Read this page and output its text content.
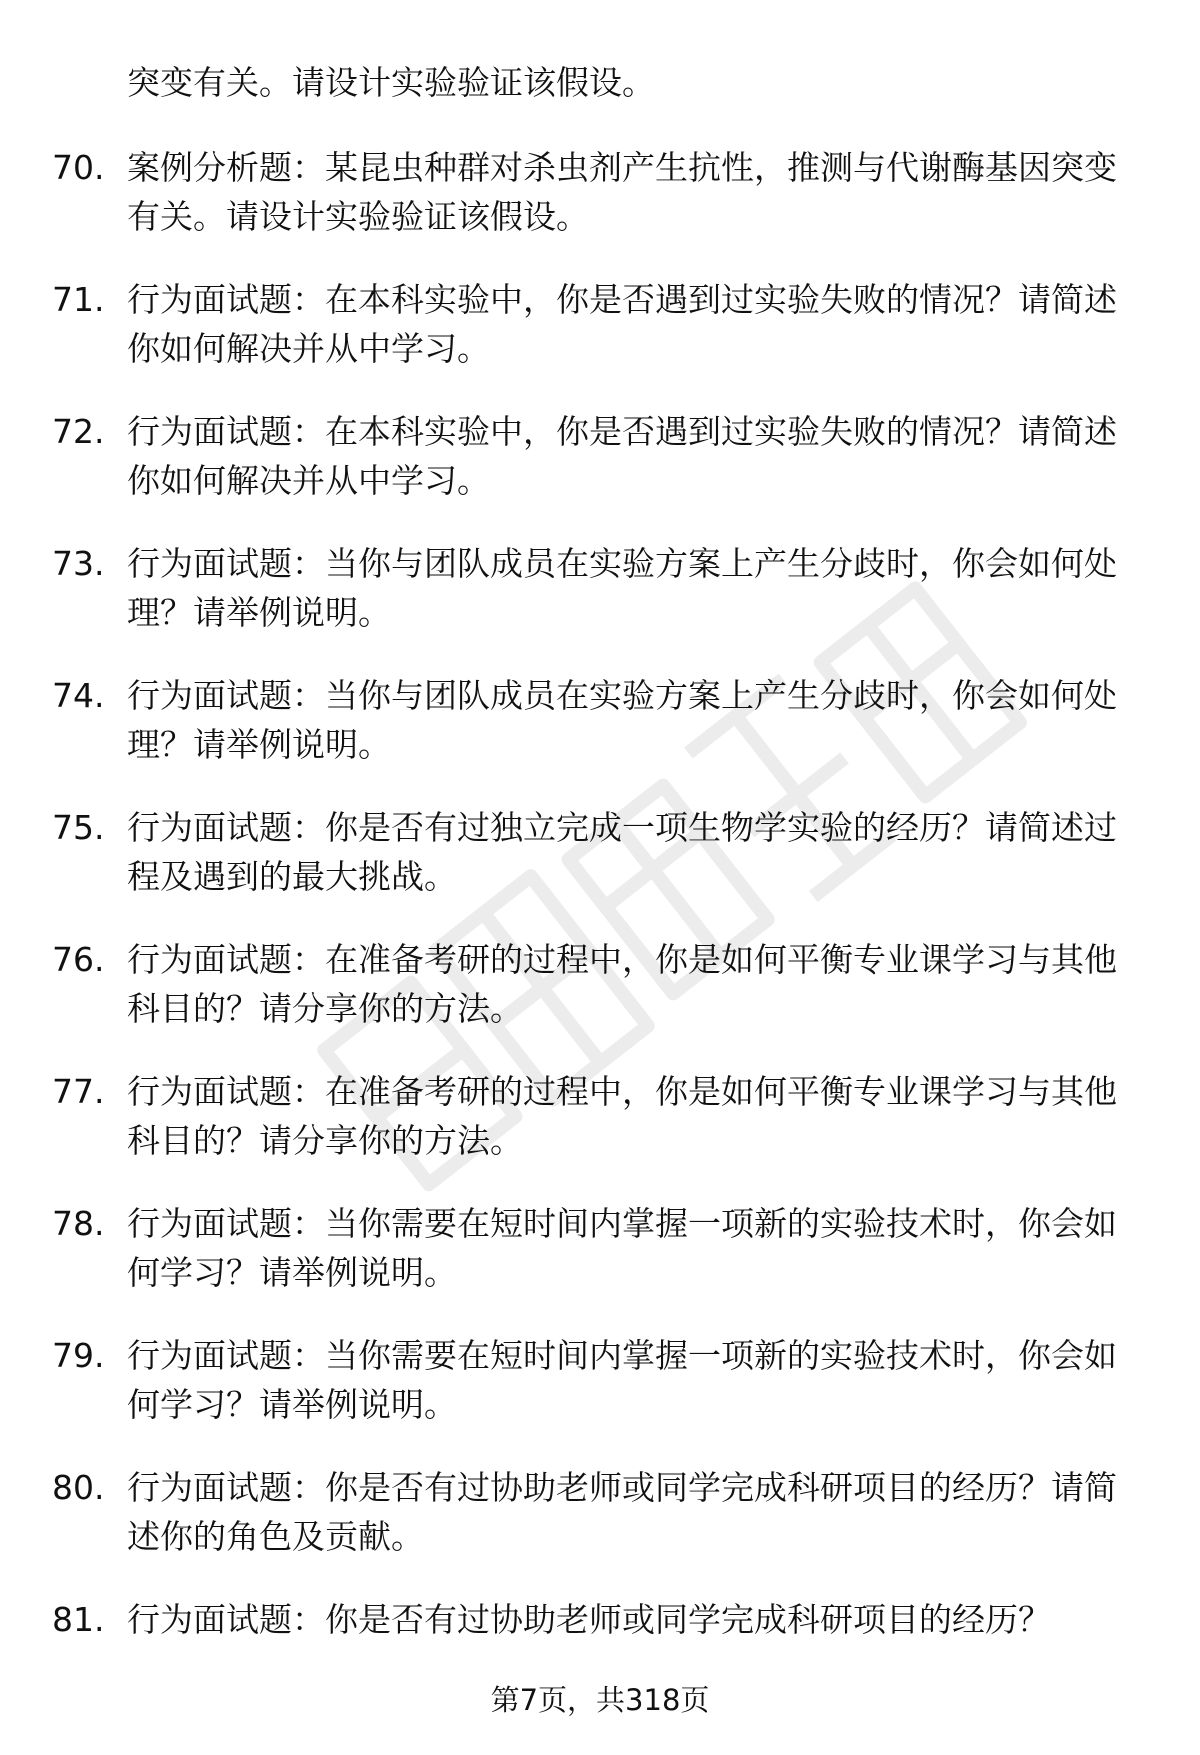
突变有关。请设计实验验证该假设。
70. 案例分析题：某昆虫种群对杀虫剂产生抗性，推测与代谢酶基因突变有关。请设计实验验证该假设。
71. 行为面试题：在本科实验中，你是否遇到过实验失败的情况？请简述你如何解决并从中学习。
72. 行为面试题：在本科实验中，你是否遇到过实验失败的情况？请简述你如何解决并从中学习。
73. 行为面试题：当你与团队成员在实验方案上产生分歧时，你会如何处理？请举例说明。
74. 行为面试题：当你与团队成员在实验方案上产生分歧时，你会如何处理？请举例说明。
75. 行为面试题：你是否有过独立完成一项生物学实验的经历？请简述过程及遇到的最大挑战。
76. 行为面试题：在准备考研的过程中，你是如何平衡专业课学习与其他科目的？请分享你的方法。
77. 行为面试题：在准备考研的过程中，你是如何平衡专业课学习与其他科目的？请分享你的方法。
78. 行为面试题：当你需要在短时间内掌握一项新的实验技术时，你会如何学习？请举例说明。
79. 行为面试题：当你需要在短时间内掌握一项新的实验技术时，你会如何学习？请举例说明。
80. 行为面试题：你是否有过协助老师或同学完成科研项目的经历？请简述你的角色及贡献。
81. 行为面试题：你是否有过协助老师或同学完成科研项目的经历？
第7页，共318页
